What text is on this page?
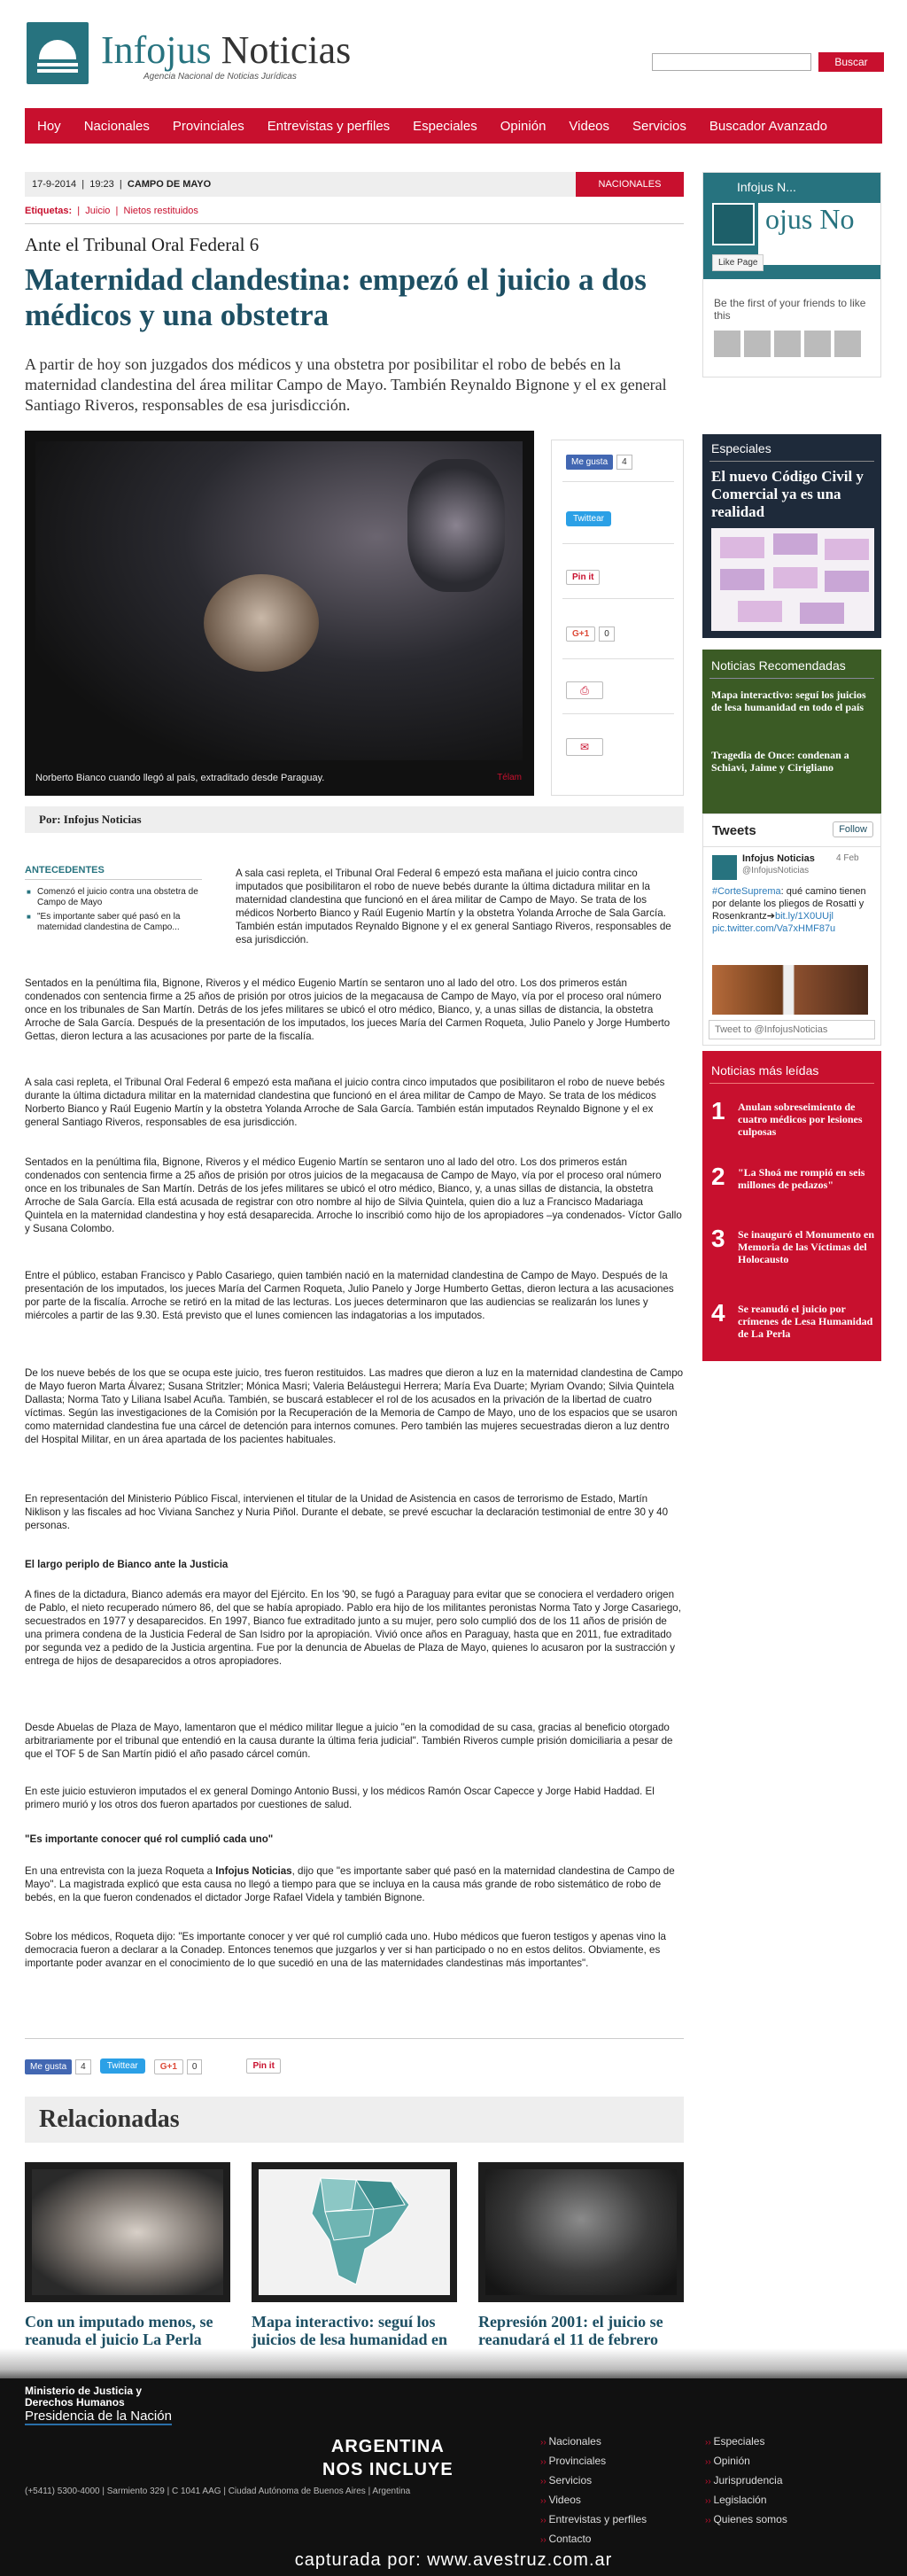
Infojus Noticias
Agencia Nacional de Noticias Jurídicas
Buscar
Hoy Nacionales Provinciales Entrevistas y perfiles Especiales Opinión Videos Servicios Buscador Avanzado
17-9-2014  |  19:23  |  CAMPO DE MAYO	NACIONALES
Etiquetas:  |  Juicio  |  Nietos restituidos
Ante el Tribunal Oral Federal 6
Maternidad clandestina: empezó el juicio a dos médicos y una obstetra

A partir de hoy son juzgados dos médicos y una obstetra por posibilitar el robo de bebés en la maternidad clandestina del área militar Campo de Mayo. También Reynaldo Bignone y el ex general Santiago Riveros, responsables de esa jurisdicción.

Norberto Bianco cuando llegó al país, extraditado desde Paraguay.	Télam
Me gusta 4
Twittear
Pin it
G+1 0
⎙
✉
Por: Infojus Noticias
ANTECEDENTES
■ Comenzó el juicio contra una obstetra de Campo de Mayo
■ "Es importante saber qué pasó en la maternidad clandestina de Campo...

A sala casi repleta, el Tribunal Oral Federal 6 empezó esta mañana el juicio contra cinco imputados que posibilitaron el robo de nueve bebés durante la última dictadura militar en la maternidad clandestina que funcionó en el área militar de Campo de Mayo. Se trata de los médicos Norberto Bianco y Raúl Eugenio Martín y la obstetra Yolanda Arroche de Sala García. También están imputados Reynaldo Bignone y el ex general Santiago Riveros, responsables de esa jurisdicción.

Sentados en la penúltima fila, Bignone, Riveros y el médico Eugenio Martín se sentaron uno al lado del otro. Los dos primeros están condenados con sentencia firme a 25 años de prisión por otros juicios de la megacausa de Campo de Mayo, vía por el proceso oral número once en los tribunales de San Martín. Detrás de los jefes militares se ubicó el otro médico, Bianco, y, a unas sillas de distancia, la obstetra Arroche de Sala García. Después de la presentación de los imputados, los jueces María del Carmen Roqueta, Julio Panelo y Jorge Humberto Gettas, dieron lectura a las acusaciones por parte de la fiscalía.

A sala casi repleta, el Tribunal Oral Federal 6 empezó esta mañana el juicio contra cinco imputados que posibilitaron el robo de nueve bebés durante la última dictadura militar en la maternidad clandestina que funcionó en el área militar de Campo de Mayo. Se trata de los médicos Norberto Bianco y Raúl Eugenio Martín y la obstetra Yolanda Arroche de Sala García. También están imputados Reynaldo Bignone y el ex general Santiago Riveros, responsables de esa jurisdicción.

Sentados en la penúltima fila, Bignone, Riveros y el médico Eugenio Martín se sentaron uno al lado del otro. Los dos primeros están condenados con sentencia firme a 25 años de prisión por otros juicios de la megacausa de Campo de Mayo, vía por el proceso oral número once en los tribunales de San Martín. Detrás de los jefes militares se ubicó el otro médico, Bianco, y, a unas sillas de distancia, la obstetra Arroche de Sala García. Ella está acusada de registrar con otro nombre al hijo de Silvia Quintela, quien dio a luz a Francisco Madariaga Quintela en la maternidad clandestina y hoy está desaparecida. Arroche lo inscribió como hijo de los apropiadores –ya condenados- Víctor Gallo y Susana Colombo.

Entre el público, estaban Francisco y Pablo Casariego, quien también nació en la maternidad clandestina de Campo de Mayo. Después de la presentación de los imputados, los jueces María del Carmen Roqueta, Julio Panelo y Jorge Humberto Gettas, dieron lectura a las acusaciones por parte de la fiscalía. Arroche se retiró en la mitad de las lecturas. Los jueces determinaron que las audiencias se realizarán los lunes y miércoles a partir de las 9.30. Está previsto que el lunes comiencen las indagatorias a los imputados.

De los nueve bebés de los que se ocupa este juicio, tres fueron restituidos. Las madres que dieron a luz en la maternidad clandestina de Campo de Mayo fueron Marta Álvarez; Susana Stritzler; Mónica Masri; Valeria Beláustegui Herrera; María Eva Duarte; Myriam Ovando; Silvia Quintela Dallasta; Norma Tato y Liliana Isabel Acuña. También, se buscará establecer el rol de los acusados en la privación de la libertad de cuatro víctimas. Según las investigaciones de la Comisión por la Recuperación de la Memoria de Campo de Mayo, uno de los espacios que se usaron como maternidad clandestina fue una cárcel de detención para internos comunes. Pero también las mujeres secuestradas dieron a luz dentro del Hospital Militar, en un área apartada de los pacientes habituales.

En representación del Ministerio Público Fiscal, intervienen el titular de la Unidad de Asistencia en casos de terrorismo de Estado, Martín Niklison y las fiscales ad hoc Viviana Sanchez y Nuria Piñol. Durante el debate, se prevé escuchar la declaración testimonial de entre 30 y 40 personas.

El largo periplo de Bianco ante la Justicia

A fines de la dictadura, Bianco además era mayor del Ejército. En los '90, se fugó a Paraguay para evitar que se conociera el verdadero origen de Pablo, el nieto recuperado número 86, del que se había apropiado. Pablo era hijo de los militantes peronistas Norma Tato y Jorge Casariego, secuestrados en 1977 y desaparecidos. En 1997, Bianco fue extraditado junto a su mujer, pero solo cumplió dos de los 11 años de prisión de una primera condena de la Justicia Federal de San Isidro por la apropiación. Vivió once años en Paraguay, hasta que en 2011, fue extraditado por segunda vez a pedido de la Justicia argentina. Fue por la denuncia de Abuelas de Plaza de Mayo, quienes lo acusaron por la sustracción y entrega de hijos de desaparecidos a otros apropiadores.

Desde Abuelas de Plaza de Mayo, lamentaron que el médico militar llegue a juicio "en la comodidad de su casa, gracias al beneficio otorgado arbitrariamente por el tribunal que entendió en la causa durante la última feria judicial". También Riveros cumple prisión domiciliaria a pesar de que el TOF 5 de San Martín pidió el año pasado cárcel común.

En este juicio estuvieron imputados el ex general Domingo Antonio Bussi, y los médicos Ramón Oscar Capecce y Jorge Habid Haddad. El primero murió y los otros dos fueron apartados por cuestiones de salud.

"Es importante conocer qué rol cumplió cada uno"

En una entrevista con la jueza Roqueta a Infojus Noticias, dijo que "es importante saber qué pasó en la maternidad clandestina de Campo de Mayo". La magistrada explicó que esta causa no llegó a tiempo para que se incluya en la causa más grande de robo sistemático de robo de bebés, en la que fueron condenados el dictador Jorge Rafael Videla y también Bignone.

Sobre los médicos, Roqueta dijo: "Es importante conocer y ver qué rol cumplió cada uno. Hubo médicos que fueron testigos y apenas vino la democracia fueron a declarar a la Conadep. Entonces tenemos que juzgarlos y ver si han participado o no en estos delitos. Obviamente, es importante poder avanzar en el conocimiento de lo que sucedió en una de las maternidades clandestinas más importantes".

Me gusta 4	Twittear	G+1 0	Pin it
Relacionadas
Con un imputado menos, se reanuda el juicio La Perla
Mapa interactivo: seguí los juicios de lesa humanidad en
Represión 2001: el juicio se reanudará el 11 de febrero
Infojus N...
ojus No
Like Page
Be the first of your friends to like this
Especiales
El nuevo Código Civil y Comercial ya es una realidad
Noticias Recomendadas
Mapa interactivo: seguí los juicios de lesa humanidad en todo el país
Tragedia de Once: condenan a Schiavi, Jaime y Cirigliano
Tweets	Follow
Infojus Noticias
@InfojusNoticias
4 Feb
#CorteSuprema: qué camino tienen por delante los pliegos de Rosatti y Rosenkrantz➔bit.ly/1X0UUjl pic.twitter.com/Va7xHMF87u
Tweet to @InfojusNoticias
Noticias más leídas
1 Anulan sobreseimiento de cuatro médicos por lesiones culposas
2 "La Shoá me rompió en seis millones de pedazos"
3 Se inauguró el Monumento en Memoria de las Víctimas del Holocausto
4 Se reanudó el juicio por crímenes de Lesa Humanidad de La Perla
Ministerio de Justicia y Derechos Humanos
Presidencia de la Nación
ARGENTINA
NOS INCLUYE
(+5411) 5300-4000 | Sarmiento 329 | C 1041 AAG | Ciudad Autónoma de Buenos Aires | Argentina
›› Nacionales
›› Provinciales
›› Servicios
›› Videos
›› Entrevistas y perfiles
›› Contacto
›› Especiales
›› Opinión
›› Jurisprudencia
›› Legislación
›› Quienes somos
capturada por: www.avestruz.com.ar
